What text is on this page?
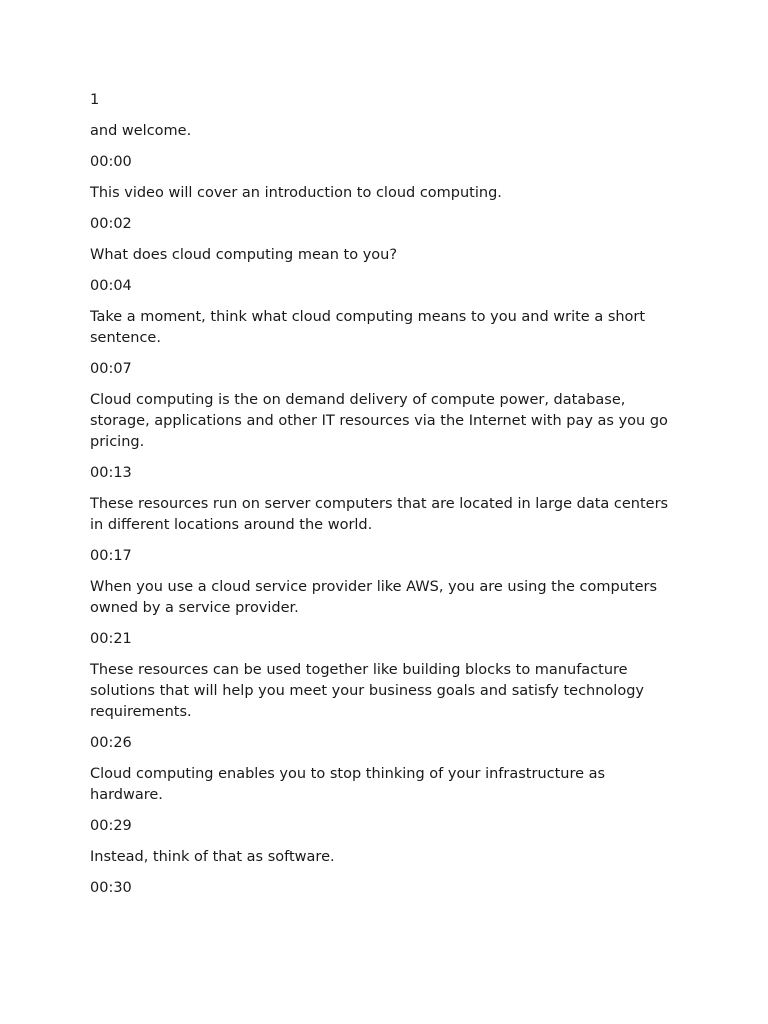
1
and welcome.
00:00
This video will cover an introduction to cloud computing.
00:02
What does cloud computing mean to you?
00:04
Take a moment, think what cloud computing means to you and write a short sentence.
00:07
Cloud computing is the on demand delivery of compute power, database, storage, applications and other IT resources via the Internet with pay as you go pricing.
00:13
These resources run on server computers that are located in large data centers in different locations around the world.
00:17
When you use a cloud service provider like AWS, you are using the computers owned by a service provider.
00:21
These resources can be used together like building blocks to manufacture solutions that will help you meet your business goals and satisfy technology requirements.
00:26
Cloud computing enables you to stop thinking of your infrastructure as hardware.
00:29
Instead, think of that as software.
00:30
